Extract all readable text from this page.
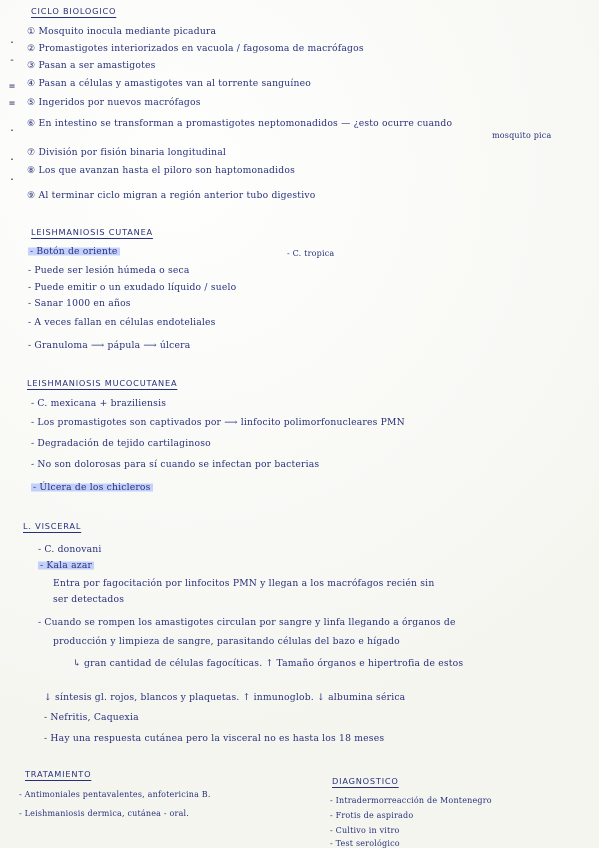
.
-
=
=
.
.
.
CICLO BIOLOGICO
① Mosquito inocula mediante picadura
② Promastigotes interiorizados en vacuola / fagosoma de macrófagos
③ Pasan a ser amastigotes
④ Pasan a células y amastigotes van al torrente sanguíneo
⑤ Ingeridos por nuevos macrófagos
⑥ En intestino se transforman a promastigotes neptomonadidos — ¿esto ocurre cuando
mosquito pica
⑦ División por fisión binaria longitudinal
⑧ Los que avanzan hasta el piloro son haptomonadidos
⑨ Al terminar ciclo migran a región anterior tubo digestivo
LEISHMANIOSIS CUTANEA
- Botón de oriente	- C. tropica
- Puede ser lesión húmeda o seca
- Puede emitir o un exudado líquido / suelo
- Sanar 1000 en años
- A veces fallan en células endoteliales
- Granuloma ⟶ pápula ⟶ úlcera
LEISHMANIOSIS MUCOCUTANEA
- C. mexicana + braziliensis
- Los promastigotes son captivados por ⟶ linfocito polimorfonucleares PMN
- Degradación de tejido cartilaginoso
- No son dolorosas para sí cuando se infectan por bacterias
- Úlcera de los chicleros
L. VISCERAL
- C. donovani
- Kala azar
Entra por fagocitación por linfocitos PMN y llegan a los macrófagos recién sin
ser detectados
- Cuando se rompen los amastigotes circulan por sangre y linfa llegando a órganos de
producción y limpieza de sangre, parasitando células del bazo e hígado
↳ gran cantidad de células fagocíticas. ↑ Tamaño órganos e hipertrofia de estos
↓ síntesis gl. rojos, blancos y plaquetas. ↑ inmunoglob. ↓ albumina sérica
- Nefritis, Caquexia
- Hay una respuesta cutánea pero la visceral no es hasta los 18 meses
TRATAMIENTO
- Antimoniales pentavalentes, anfotericina B.
- Leishmaniosis dermica, cutánea - oral.
DIAGNOSTICO
- Intradermorreacción de Montenegro
- Frotis de aspirado
- Cultivo in vitro
- Test serológico
